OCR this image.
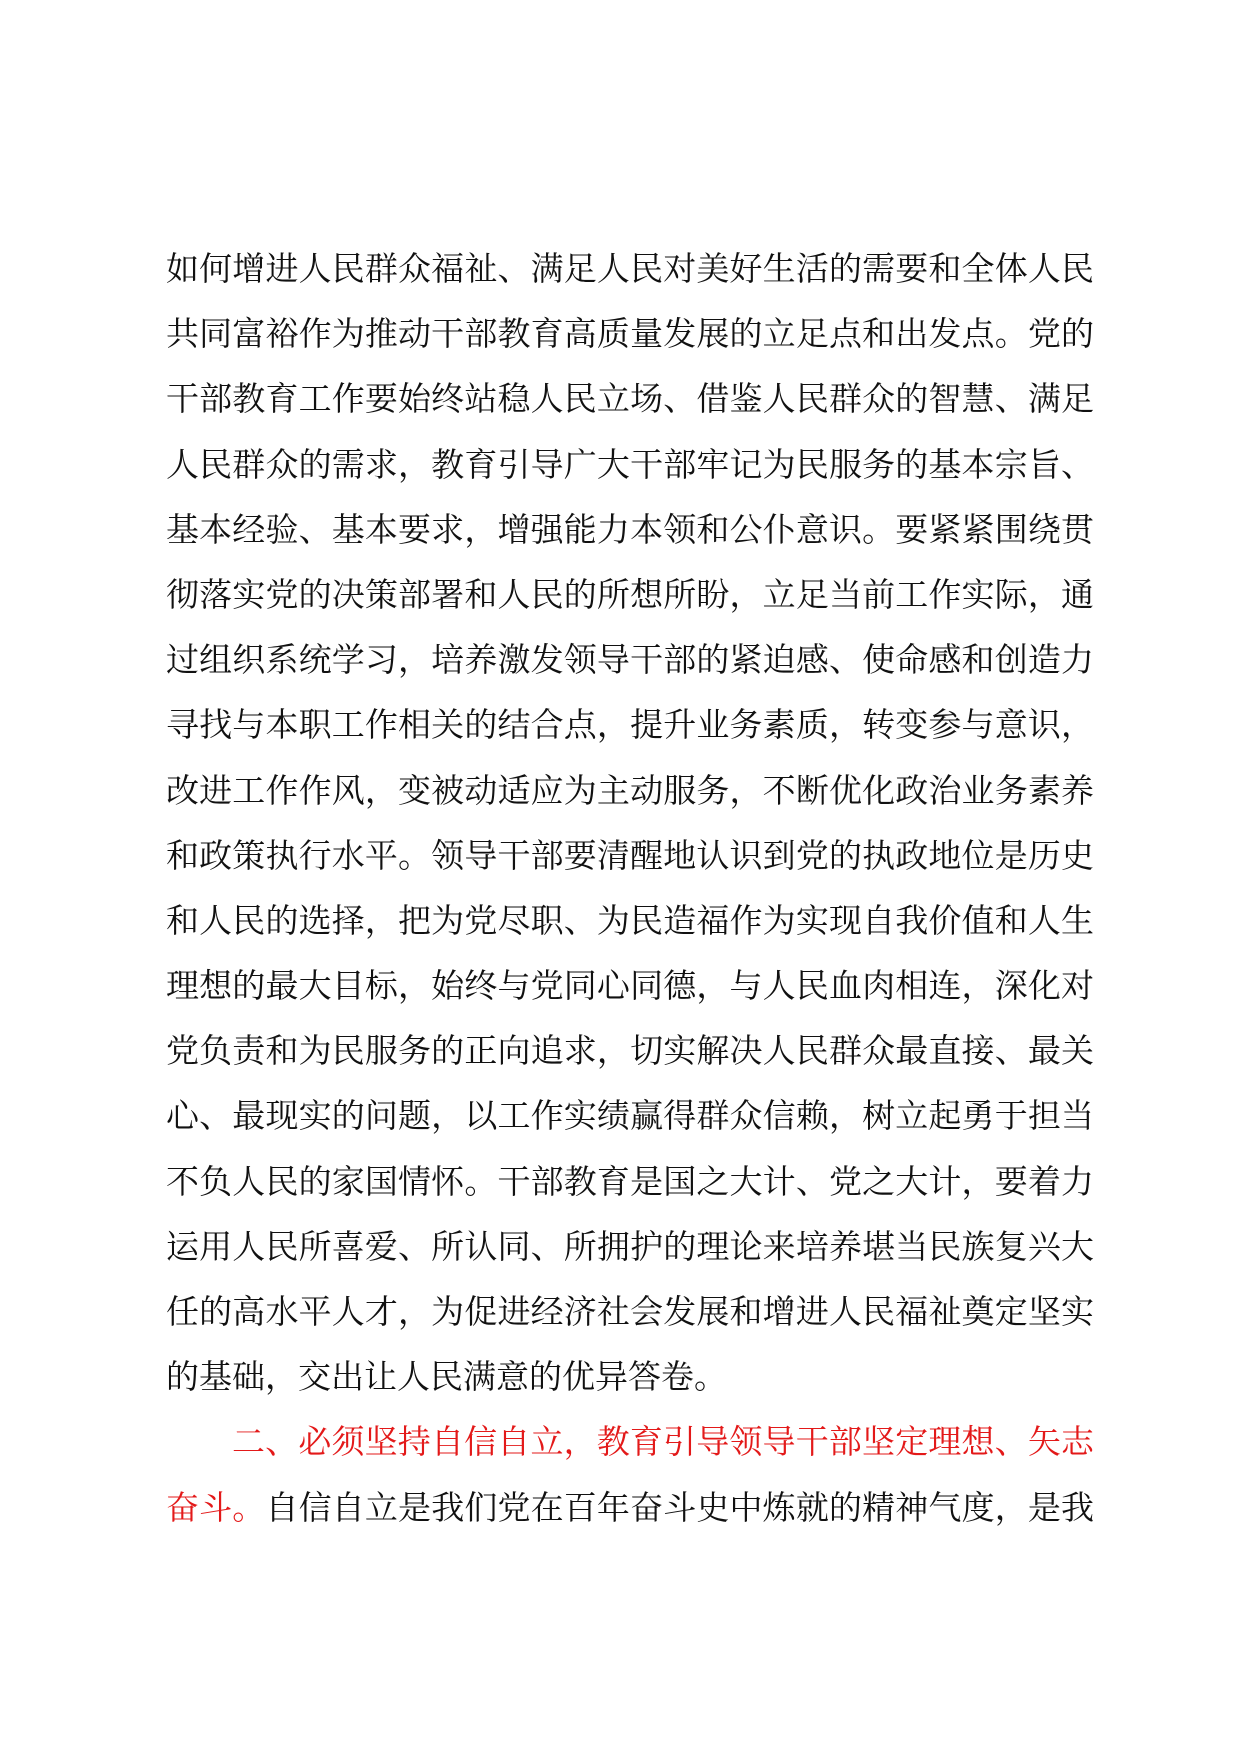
如何增进人民群众福祉、满足人民对美好生活的需要和全体人民
共同富裕作为推动干部教育高质量发展的立足点和出发点。党的
干部教育工作要始终站稳人民立场、借鉴人民群众的智慧、满足
人民群众的需求，教育引导广大干部牢记为民服务的基本宗旨、
基本经验、基本要求，增强能力本领和公仆意识。要紧紧围绕贯
彻落实党的决策部署和人民的所想所盼，立足当前工作实际，通
过组织系统学习，培养激发领导干部的紧迫感、使命感和创造力
寻找与本职工作相关的结合点，提升业务素质，转变参与意识，
改进工作作风，变被动适应为主动服务，不断优化政治业务素养
和政策执行水平。领导干部要清醒地认识到党的执政地位是历史
和人民的选择，把为党尽职、为民造福作为实现自我价值和人生
理想的最大目标，始终与党同心同德，与人民血肉相连，深化对
党负责和为民服务的正向追求，切实解决人民群众最直接、最关
心、最现实的问题，以工作实绩赢得群众信赖，树立起勇于担当
不负人民的家国情怀。干部教育是国之大计、党之大计，要着力
运用人民所喜爱、所认同、所拥护的理论来培养堪当民族复兴大
任的高水平人才，为促进经济社会发展和增进人民福祉奠定坚实
的基础，交出让人民满意的优异答卷。
二、必须坚持自信自立，教育引导领导干部坚定理想、矢志
奋斗。自信自立是我们党在百年奋斗史中炼就的精神气度，是我
